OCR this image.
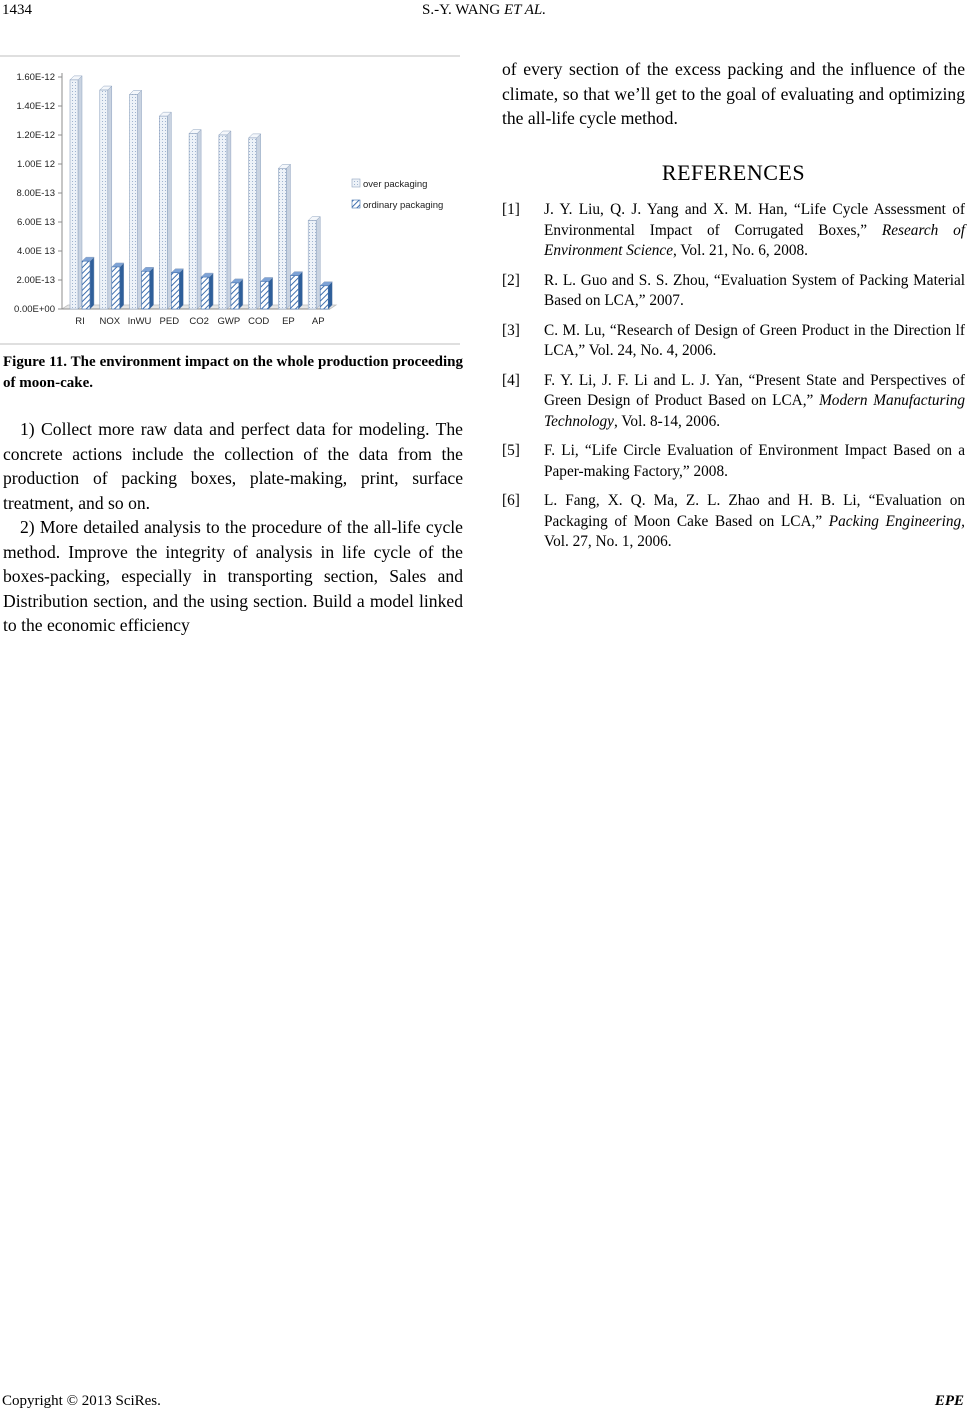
1434	S.-Y. WANG ET AL.
0.00E+00
2.00E-13
4.00E 13
6.00E 13
8.00E-13
1.00E 12
1.20E-12
1.40E-12
1.60E-12
RI NOX InWU PED CO2 GWP COD EP AP
over packaging
ordinary packaging
Figure 11. The environment impact on the whole production proceeding of moon-cake.

1) Collect more raw data and perfect data for modeling. The concrete actions include the collection of the data from the production of packing boxes, plate-making, print, surface treatment, and so on.

2) More detailed analysis to the procedure of the all-life cycle method. Improve the integrity of analysis in life cycle of the boxes-packing, especially in transporting section, Sales and Distribution section, and the using section. Build a model linked to the economic efficiency

of every section of the excess packing and the influence of the climate, so that we’ll get to the goal of evaluating and optimizing the all-life cycle method.

REFERENCES
[1]	J. Y. Liu, Q. J. Yang and X. M. Han, “Life Cycle Assessment of Environmental Impact of Corrugated Boxes,” Research of Environment Science, Vol. 21, No. 6, 2008.
[2]	R. L. Guo and S. S. Zhou, “Evaluation System of Packing Material Based on LCA,” 2007.
[3]	C. M. Lu, “Research of Design of Green Product in the Direction lf LCA,” Vol. 24, No. 4, 2006.
[4]	F. Y. Li, J. F. Li and L. J. Yan, “Present State and Perspectives of Green Design of Product Based on LCA,” Modern Manufacturing Technology, Vol. 8-14, 2006.
[5]	F. Li, “Life Circle Evaluation of Environment Impact Based on a Paper-making Factory,” 2008.
[6]	L. Fang, X. Q. Ma, Z. L. Zhao and H. B. Li, “Evaluation on Packaging of Moon Cake Based on LCA,” Packing Engineering, Vol. 27, No. 1, 2006.
Copyright © 2013 SciRes.	EPE
